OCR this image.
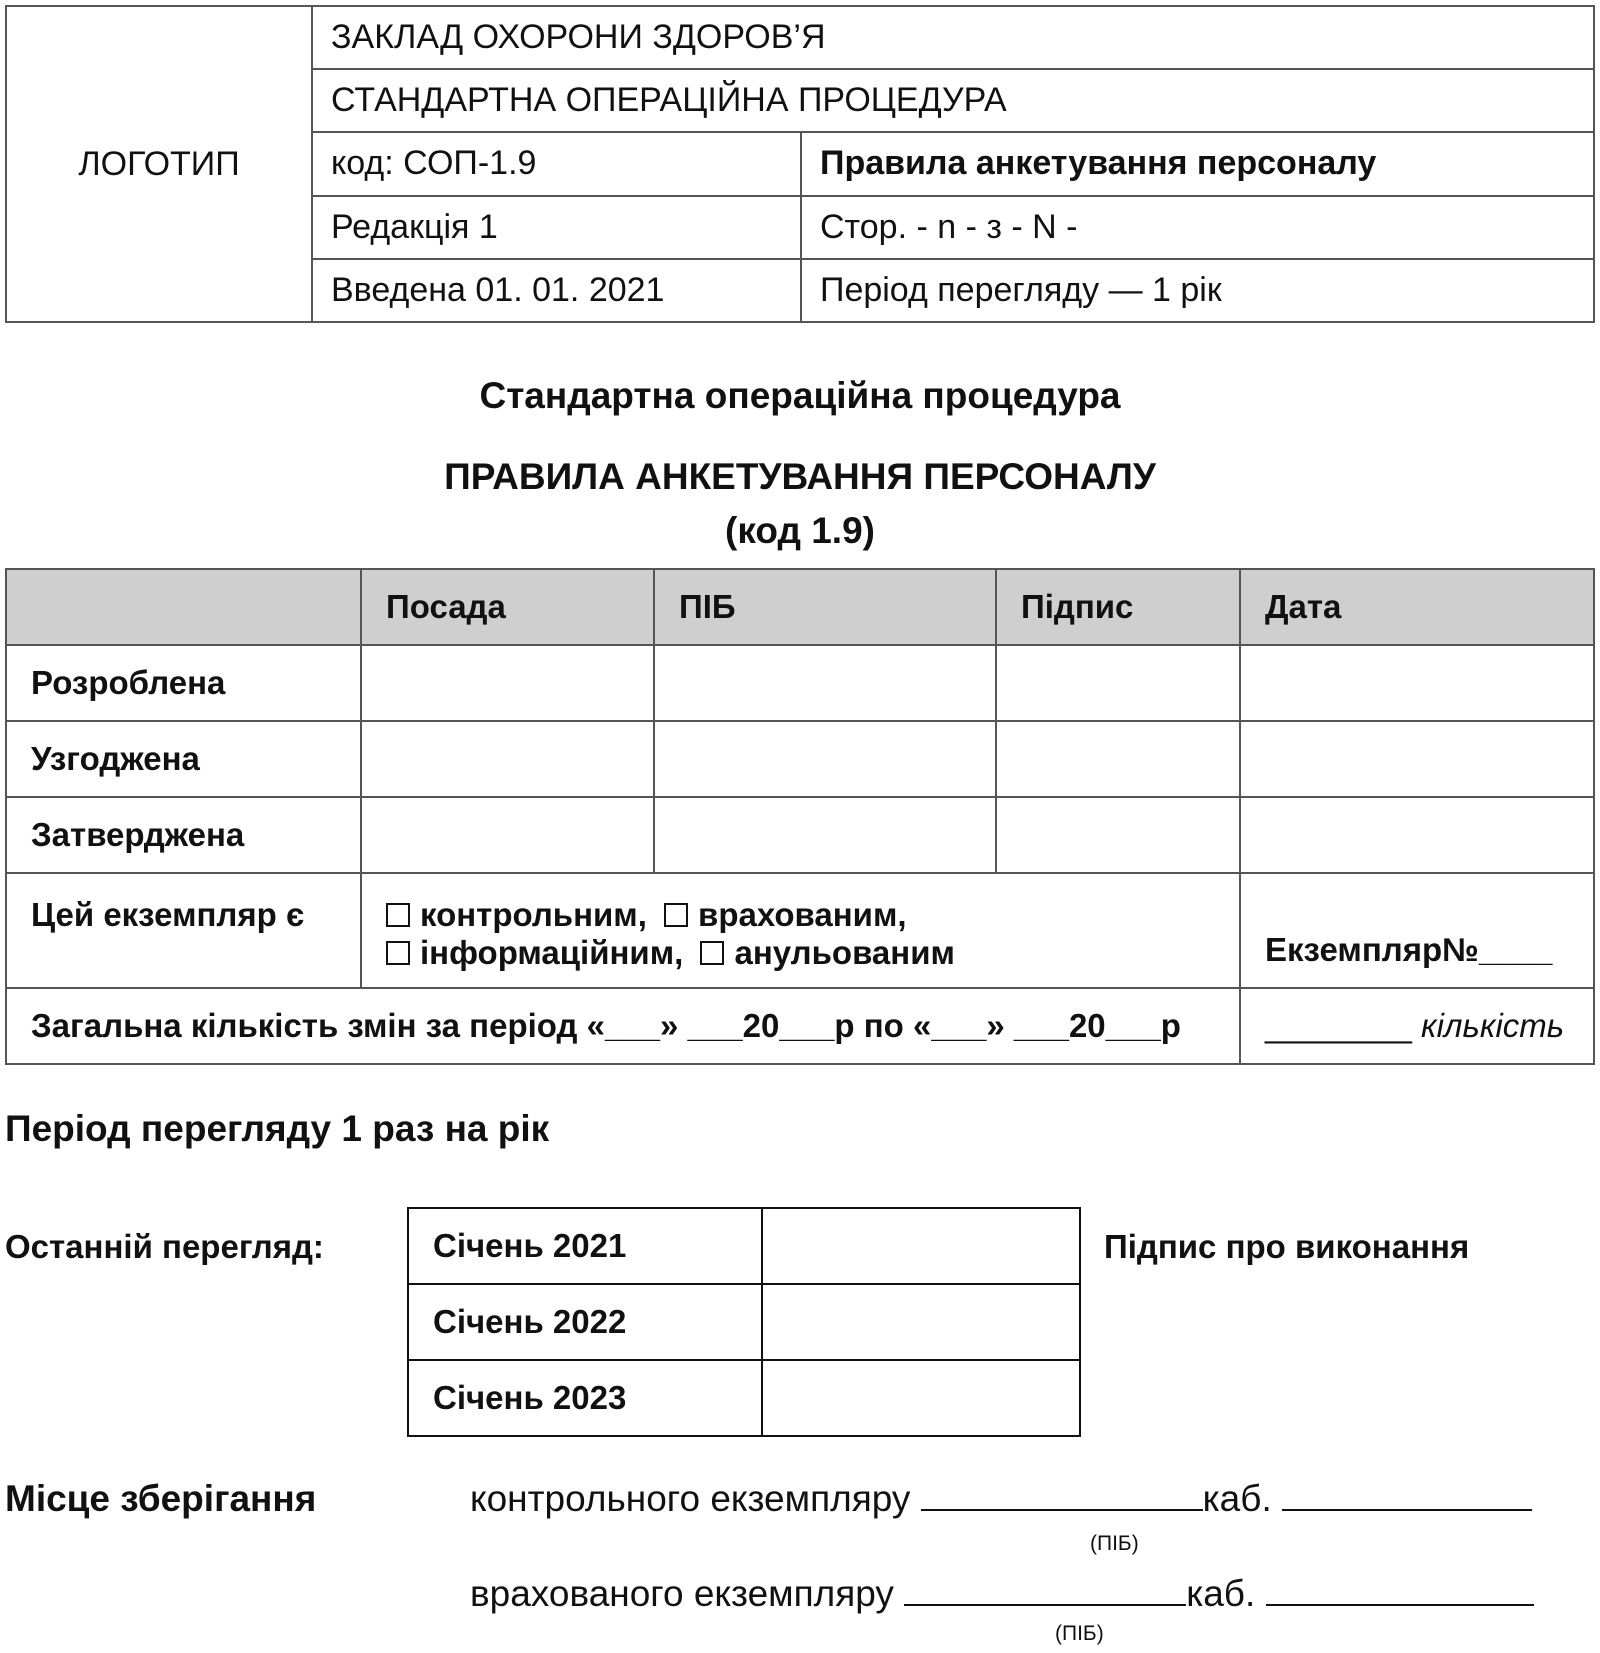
ЛОГОТИП	ЗАКЛАД ОХОРОНИ ЗДОРОВ’Я	
	СТАНДАРТНА ОПЕРАЦІЙНА ПРОЦЕДУРА	
	код: СОП-1.9	Правила анкетування персоналу
	Редакція 1	Стор. - n - з - N -
	Введена 01. 01. 2021	Період перегляду — 1 рік
Стандартна операційна процедура
ПРАВИЛА АНКЕТУВАННЯ ПЕРСОНАЛУ
(код 1.9)
	Посада	ПІБ	Підпис	Дата
Розроблена				
Узгоджена				
Затверджена				
Цей екземпляр є	контрольним, врахованим,
інформаційним, анульованим			Екземпляр№____
Загальна кількість змін за період «___» ___20___р по «___» ___20___р				________ кількість
Період перегляду 1 раз на рік
Останній перегляд:	Січень 2021	
Січень 2022	
Січень 2023	
Підпис про виконання
Місце зберігання	контрольного екземпляру	каб.
(ПІБ)
врахованого екземпляру	каб.
(ПІБ)
